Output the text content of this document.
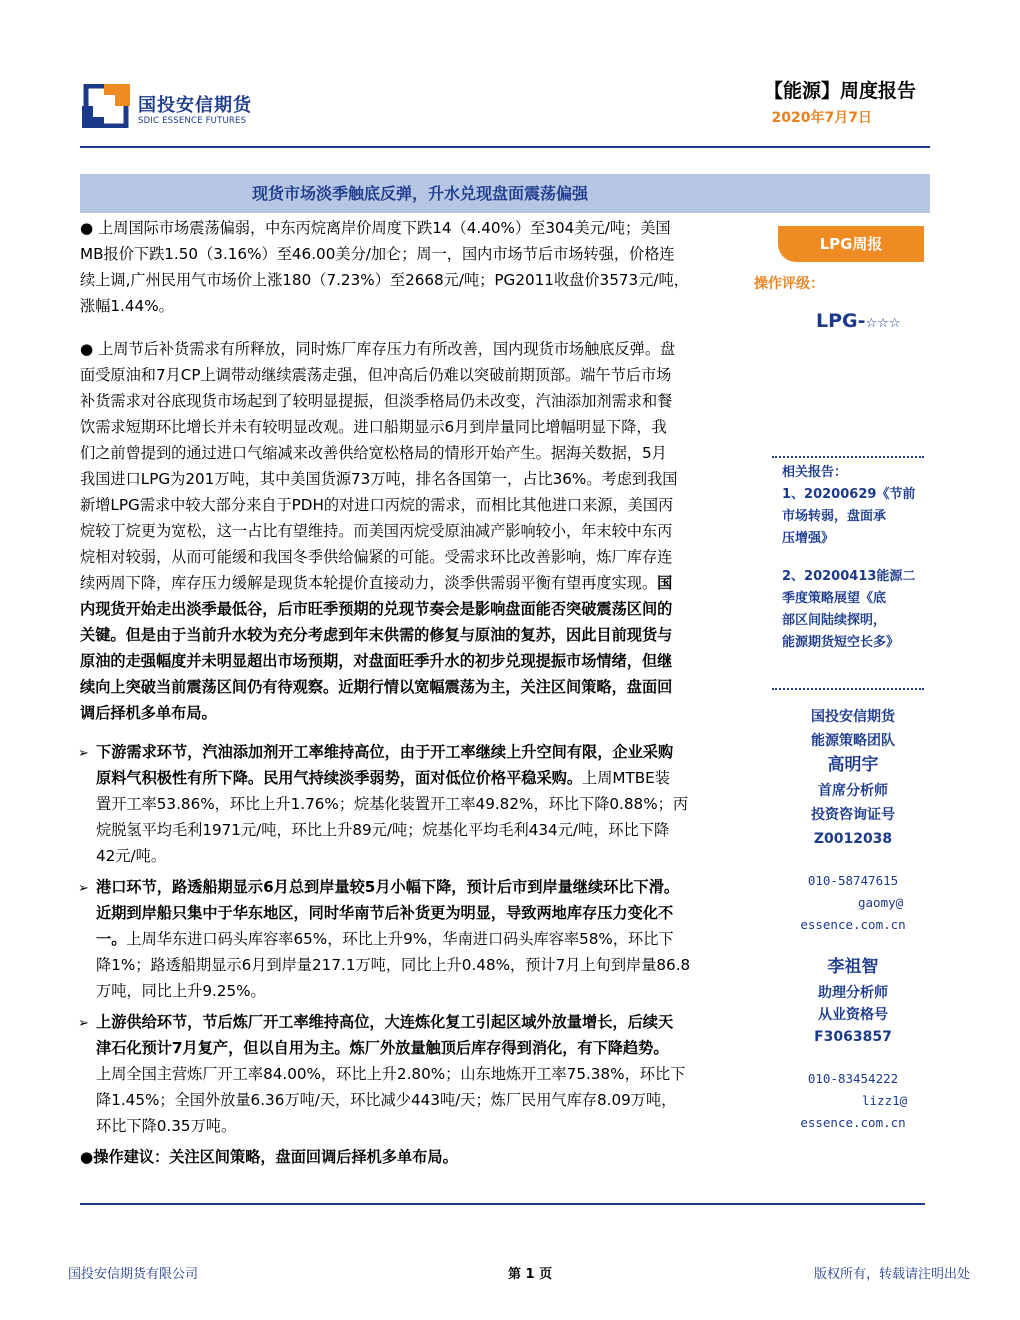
国投安信期货
SDIC ESSENCE FUTURES
【能源】周度报告
2020年7月7日
现货市场淡季触底反弹，升水兑现盘面震荡偏强
LPG周报
操作评级：
LPG-☆☆☆
相关报告：
1、20200629《节前
市场转弱，盘面承
压增强》
2、20200413能源二
季度策略展望《底
部区间陆续探明，
能源期货短空长多》
国投安信期货
能源策略团队
高明宇
首席分析师
投资咨询证号
Z0012038
010-58747615
gaomy@
essence.com.cn
李祖智
助理分析师
从业资格号
F3063857
010-83454222
lizz1@
essence.com.cn
● 上周国际市场震荡偏弱，中东丙烷离岸价周度下跌14（4.40%）至304美元/吨；美国
MB报价下跌1.50（3.16%）至46.00美分/加仑；周一，国内市场节后市场转强，价格连
续上调,广州民用气市场价上涨180（7.23%）至2668元/吨；PG2011收盘价3573元/吨，
涨幅1.44%。
● 上周节后补货需求有所释放，同时炼厂库存压力有所改善，国内现货市场触底反弹。盘
面受原油和7月CP上调带动继续震荡走强，但冲高后仍难以突破前期顶部。端午节后市场
补货需求对谷底现货市场起到了较明显提振，但淡季格局仍未改变，汽油添加剂需求和餐
饮需求短期环比增长并未有较明显改观。进口船期显示6月到岸量同比增幅明显下降，我
们之前曾提到的通过进口气缩减来改善供给宽松格局的情形开始产生。据海关数据，5月
我国进口LPG为201万吨，其中美国货源73万吨，排名各国第一，占比36%。考虑到我国
新增LPG需求中较大部分来自于PDH的对进口丙烷的需求，而相比其他进口来源，美国丙
烷较丁烷更为宽松，这一占比有望维持。而美国丙烷受原油减产影响较小，年末较中东丙
烷相对较弱，从而可能缓和我国冬季供给偏紧的可能。受需求环比改善影响，炼厂库存连
续两周下降，库存压力缓解是现货本轮提价直接动力，淡季供需弱平衡有望再度实现。国
内现货开始走出淡季最低谷，后市旺季预期的兑现节奏会是影响盘面能否突破震荡区间的
关键。但是由于当前升水较为充分考虑到年末供需的修复与原油的复苏，因此目前现货与
原油的走强幅度并未明显超出市场预期，对盘面旺季升水的初步兑现提振市场情绪，但继
续向上突破当前震荡区间仍有待观察。近期行情以宽幅震荡为主，关注区间策略，盘面回
调后择机多单布局。
➢ 下游需求环节，汽油添加剂开工率维持高位，由于开工率继续上升空间有限，企业采购
原料气积极性有所下降。民用气持续淡季弱势，面对低位价格平稳采购。上周MTBE装
置开工率53.86%，环比上升1.76%；烷基化装置开工率49.82%，环比下降0.88%；丙
烷脱氢平均毛利1971元/吨，环比上升89元/吨；烷基化平均毛利434元/吨，环比下降
42元/吨。
➢ 港口环节，路透船期显示6月总到岸量较5月小幅下降，预计后市到岸量继续环比下滑。
近期到岸船只集中于华东地区，同时华南节后补货更为明显，导致两地库存压力变化不
一。上周华东进口码头库容率65%，环比上升9%，华南进口码头库容率58%，环比下
降1%；路透船期显示6月到岸量217.1万吨，同比上升0.48%，预计7月上旬到岸量86.8
万吨，同比上升9.25%。
➢ 上游供给环节，节后炼厂开工率维持高位，大连炼化复工引起区域外放量增长，后续天
津石化预计7月复产，但以自用为主。炼厂外放量触顶后库存得到消化，有下降趋势。
上周全国主营炼厂开工率84.00%，环比上升2.80%；山东地炼开工率75.38%，环比下
降1.45%；全国外放量6.36万吨/天，环比减少443吨/天；炼厂民用气库存8.09万吨，
环比下降0.35万吨。
●操作建议：关注区间策略，盘面回调后择机多单布局。
国投安信期货有限公司	第 1 页	版权所有，转载请注明出处
